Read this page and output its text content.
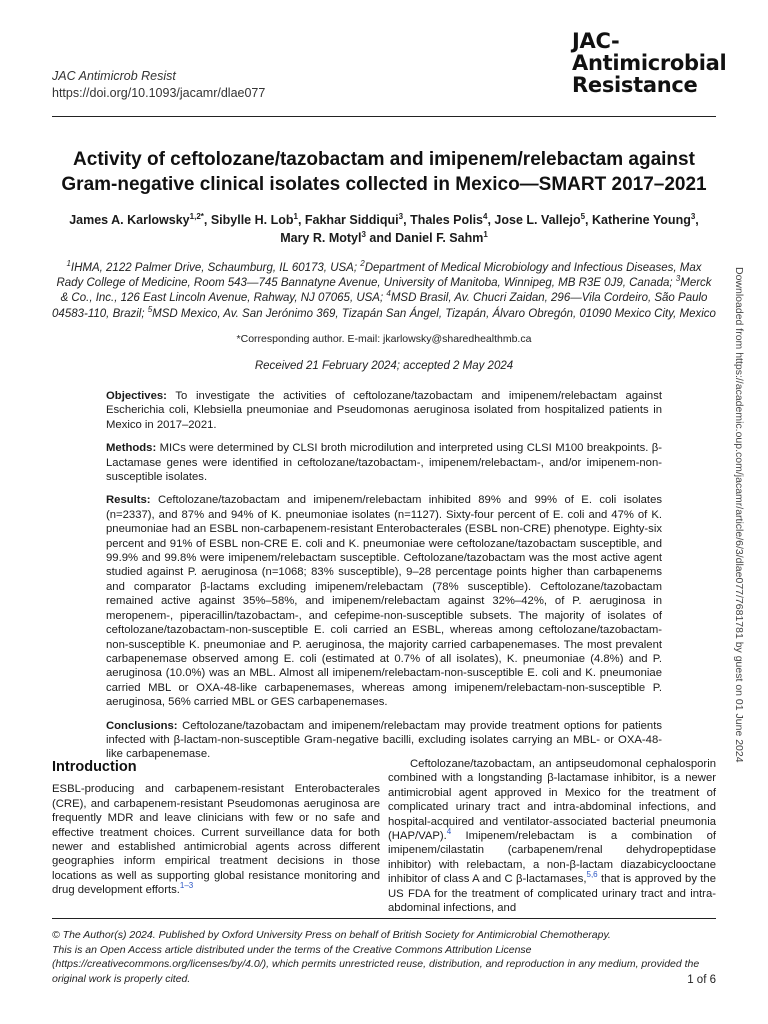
JAC Antimicrob Resist
https://doi.org/10.1093/jacamr/dlae077
JAC-
Antimicrobial
Resistance
Activity of ceftolozane/tazobactam and imipenem/relebactam against Gram-negative clinical isolates collected in Mexico—SMART 2017–2021
James A. Karlowsky$^{1,2*}$, Sibylle H. Lob$^1$, Fakhar Siddiqui$^3$, Thales Polis$^4$, Jose L. Vallejo$^5$, Katherine Young$^3$,
Mary R. Motyl$^3$ and Daniel F. Sahm$^1$
$^1$IHMA, 2122 Palmer Drive, Schaumburg, IL 60173, USA; $^2$Department of Medical Microbiology and Infectious Diseases, Max Rady College of Medicine, Room 543—745 Bannatyne Avenue, University of Manitoba, Winnipeg, MB R3E 0J9, Canada; $^3$Merck & Co., Inc., 126 East Lincoln Avenue, Rahway, NJ 07065, USA; $^4$MSD Brasil, Av. Chucri Zaidan, 296—Vila Cordeiro, São Paulo 04583-110, Brazil; $^5$MSD Mexico, Av. San Jerónimo 369, Tizapán San Ángel, Tizapán, Álvaro Obregón, 01090 Mexico City, Mexico
*Corresponding author. E-mail: jkarlowsky@sharedhealthmb.ca
Received 21 February 2024; accepted 2 May 2024

Objectives: To investigate the activities of ceftolozane/tazobactam and imipenem/relebactam against Escherichia coli, Klebsiella pneumoniae and Pseudomonas aeruginosa isolated from hospitalized patients in Mexico in 2017–2021.

Methods: MICs were determined by CLSI broth microdilution and interpreted using CLSI M100 breakpoints. β-Lactamase genes were identified in ceftolozane/tazobactam-, imipenem/relebactam-, and/or imipenem-non-susceptible isolates.

Results: Ceftolozane/tazobactam and imipenem/relebactam inhibited 89% and 99% of E. coli isolates (n=2337), and 87% and 94% of K. pneumoniae isolates (n=1127). Sixty-four percent of E. coli and 47% of K. pneumoniae had an ESBL non-carbapenem-resistant Enterobacterales (ESBL non-CRE) phenotype. Eighty-six percent and 91% of ESBL non-CRE E. coli and K. pneumoniae were ceftolozane/tazobactam susceptible, and 99.9% and 99.8% were imipenem/relebactam susceptible. Ceftolozane/tazobactam was the most active agent studied against P. aeruginosa (n=1068; 83% susceptible), 9–28 percentage points higher than carbapenems and comparator β-lactams excluding imipenem/relebactam (78% susceptible). Ceftolozane/tazobactam remained active against 35%–58%, and imipenem/relebactam against 32%–42%, of P. aeruginosa in meropenem-, piperacillin/tazobactam-, and cefepime-non-susceptible subsets. The majority of isolates of ceftolozane/tazobactam-non-susceptible E. coli carried an ESBL, whereas among ceftolozane/tazobactam-non-susceptible K. pneumoniae and P. aeruginosa, the majority carried carbapenemases. The most prevalent carbapenemase observed among E. coli (estimated at 0.7% of all isolates), K. pneumoniae (4.8%) and P. aeruginosa (10.0%) was an MBL. Almost all imipenem/relebactam-non-susceptible E. coli and K. pneumoniae carried MBL or OXA-48-like carbapenemases, whereas among imipenem/relebactam-non-susceptible P. aeruginosa, 56% carried MBL or GES carbapenemases.

Conclusions: Ceftolozane/tazobactam and imipenem/relebactam may provide treatment options for patients infected with β-lactam-non-susceptible Gram-negative bacilli, excluding isolates carrying an MBL- or OXA-48-like carbapenemase.

Introduction

ESBL-producing and carbapenem-resistant Enterobacterales (CRE), and carbapenem-resistant Pseudomonas aeruginosa are frequently MDR and leave clinicians with few or no safe and effective treatment choices. Current surveillance data for both newer and established antimicrobial agents across different geographies inform empirical treatment decisions in those locations as well as supporting global resistance monitoring and drug development efforts.$^{1-3}$

Ceftolozane/tazobactam, an antipseudomonal cephalosporin combined with a longstanding β-lactamase inhibitor, is a newer antimicrobial agent approved in Mexico for the treatment of complicated urinary tract and intra-abdominal infections, and hospital-acquired and ventilator-associated bacterial pneumonia (HAP/VAP).$^4$ Imipenem/relebactam is a combination of imipenem/cilastatin (carbapenem/renal dehydropeptidase inhibitor) with relebactam, a non-β-lactam diazabicyclooctane inhibitor of class A and C β-lactamases,$^{5,6}$ that is approved by the US FDA for the treatment of complicated urinary tract and intra-abdominal infections, and

© The Author(s) 2024. Published by Oxford University Press on behalf of British Society for Antimicrobial Chemotherapy.
This is an Open Access article distributed under the terms of the Creative Commons Attribution License (https://creativecommons.org/licenses/by/4.0/), which permits unrestricted reuse, distribution, and reproduction in any medium, provided the original work is properly cited.	1 of 6
Downloaded from https://academic.oup.com/jacamr/article/6/3/dlae077/7681781 by guest on 01 June 2024
